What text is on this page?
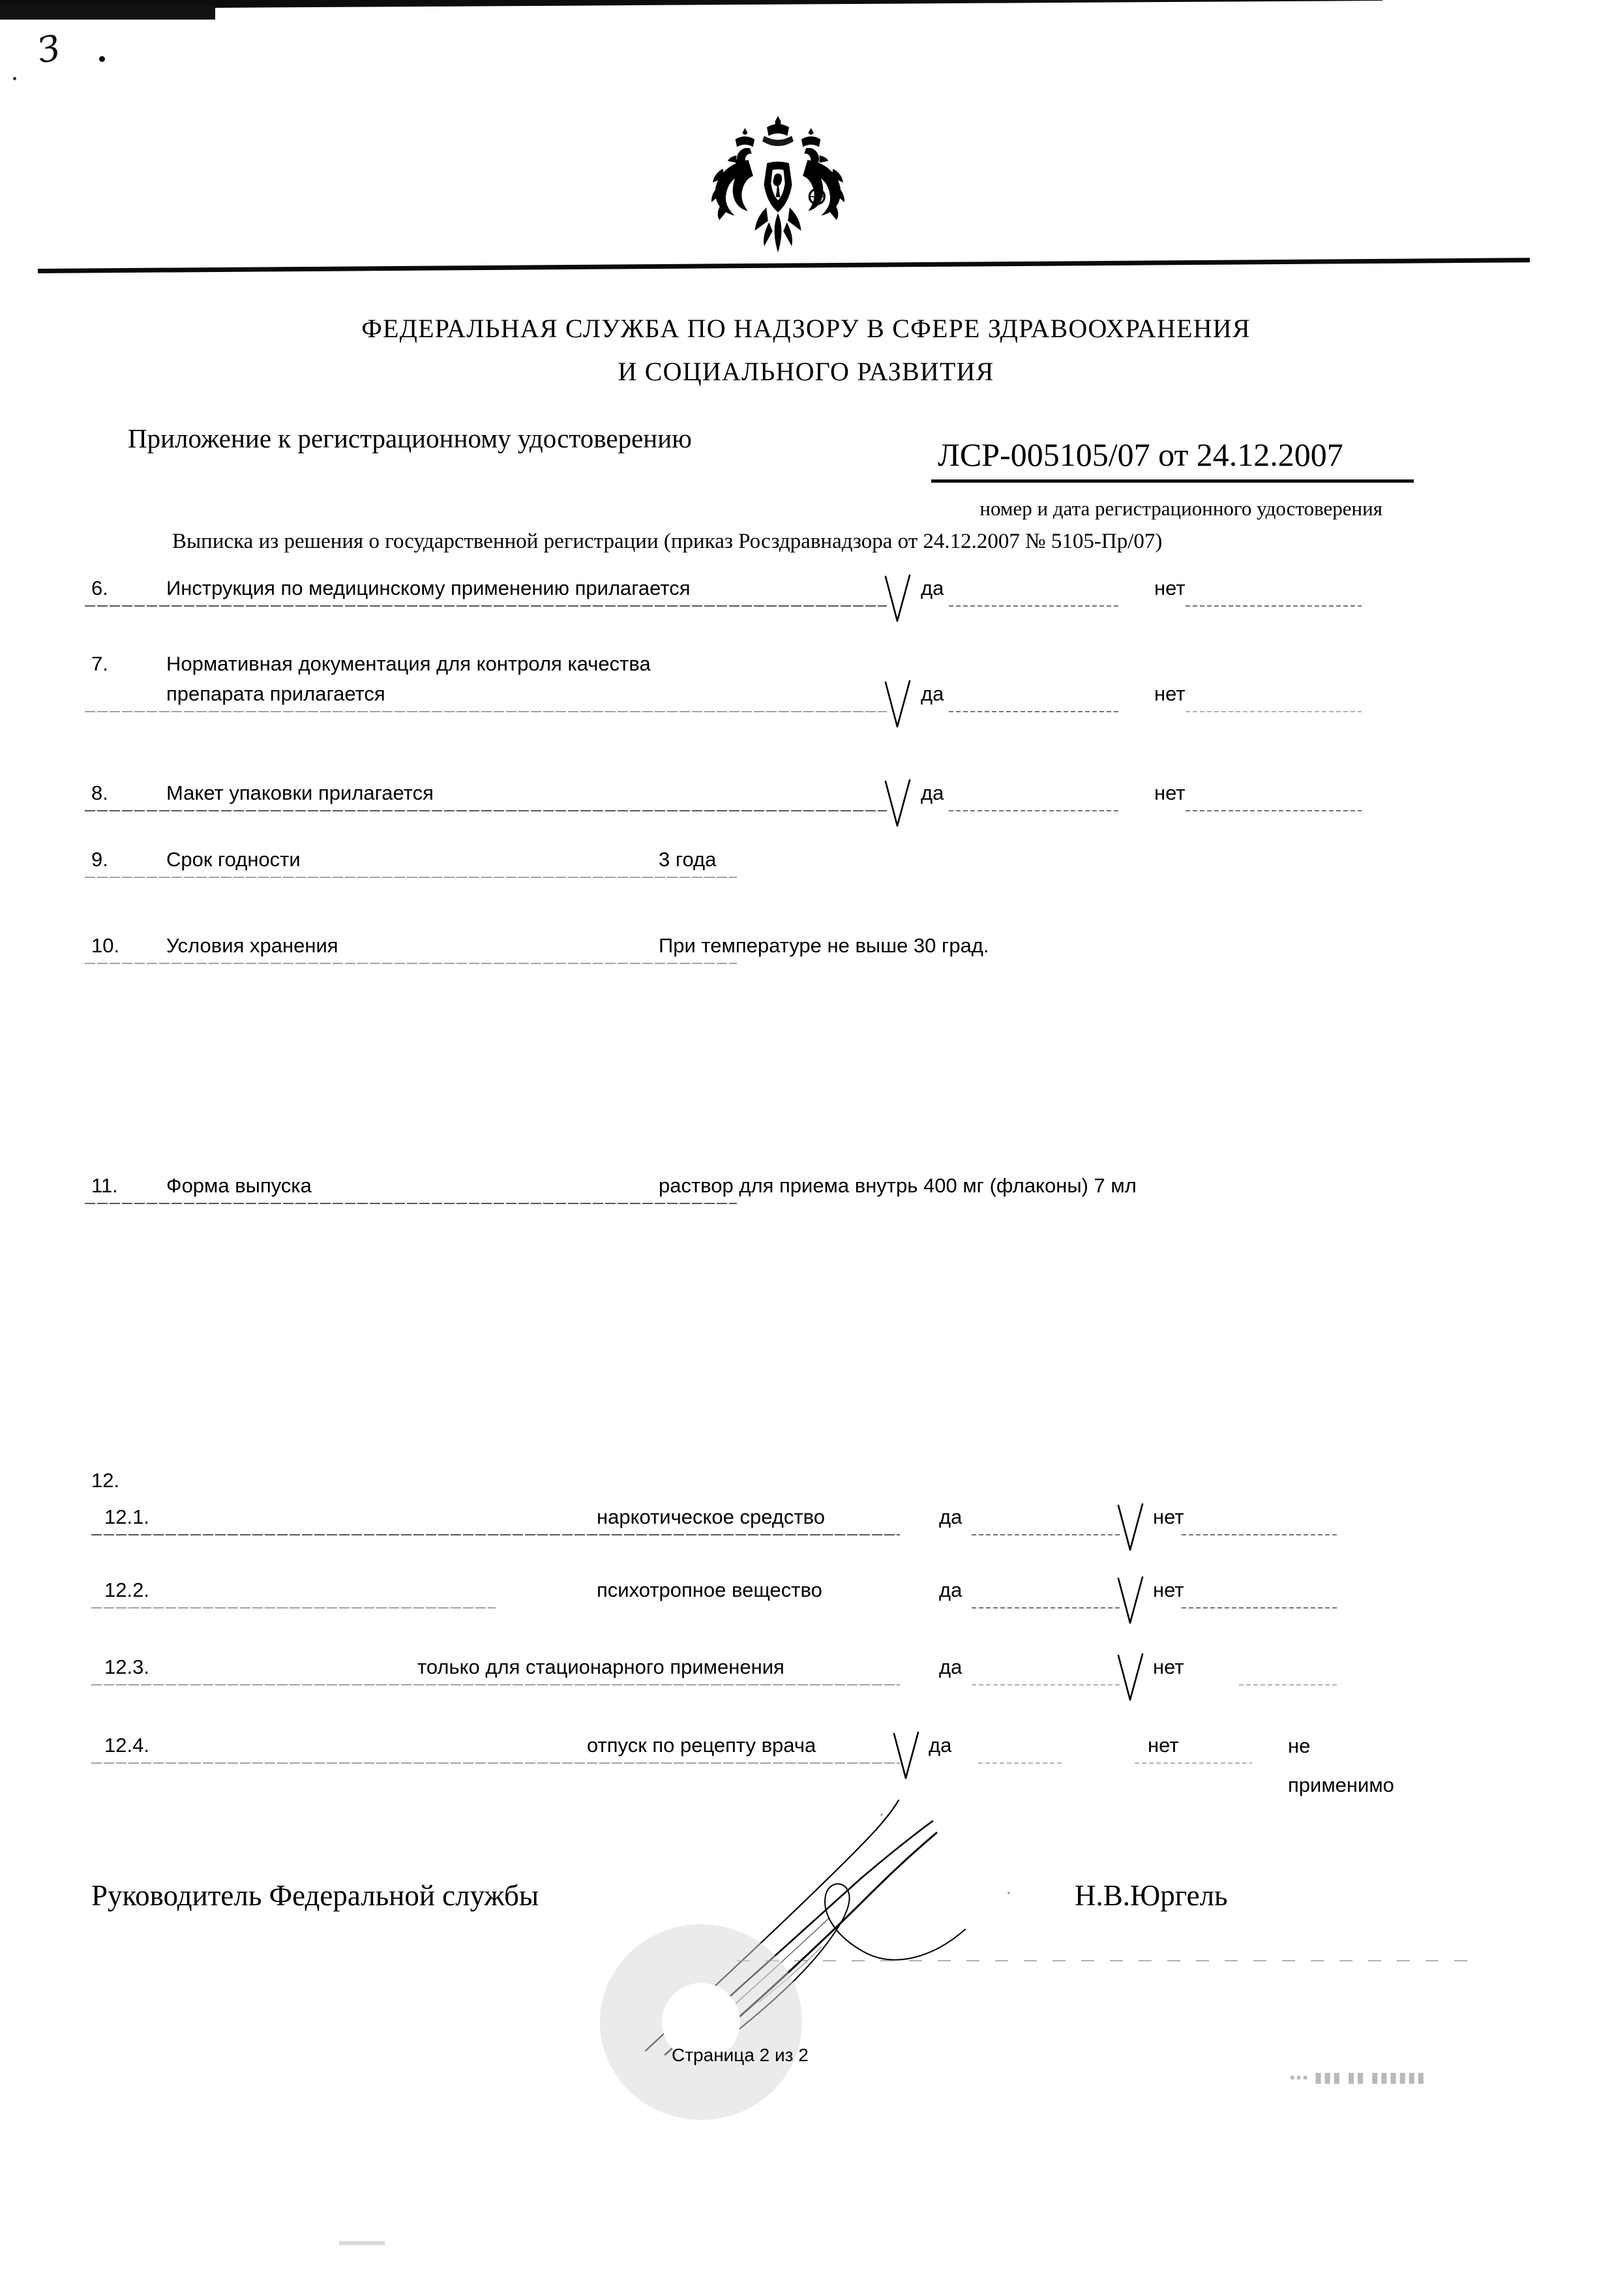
З
ФЕДЕРАЛЬНАЯ СЛУЖБА ПО НАДЗОРУ В СФЕРЕ ЗДРАВООХРАНЕНИЯ
И СОЦИАЛЬНОГО РАЗВИТИЯ
Приложение к регистрационному удостоверению	ЛСР-005105/07 от 24.12.2007
номер и дата регистрационного удостоверения
Выписка из решения о государственной регистрации (приказ Росздравнадзора от 24.12.2007 № 5105-Пр/07)
6.	Инструкция по медицинскому применению прилагается	да	нет
7.	Нормативная документация для контроля качества
препарата прилагается	да	нет
8.	Макет упаковки прилагается	да	нет
9.	Срок годности	3 года
10. Условия хранения	При температуре не выше 30 град.
11. Форма выпуска	раствор для приема внутрь 400 мг (флаконы) 7 мл
12.
12.1.	наркотическое средство	да	нет
12.2.	психотропное вещество	да	нет
12.3.	только для стационарного применения	да	нет
12.4.	отпуск по рецепту врача	да	нет	не
применимо
Руководитель Федеральной службы	Н.В.Юргель
Страница 2 из 2
▪▪▪ ▮▮▮ ▮▮ ▮▮▮▮▮▮
